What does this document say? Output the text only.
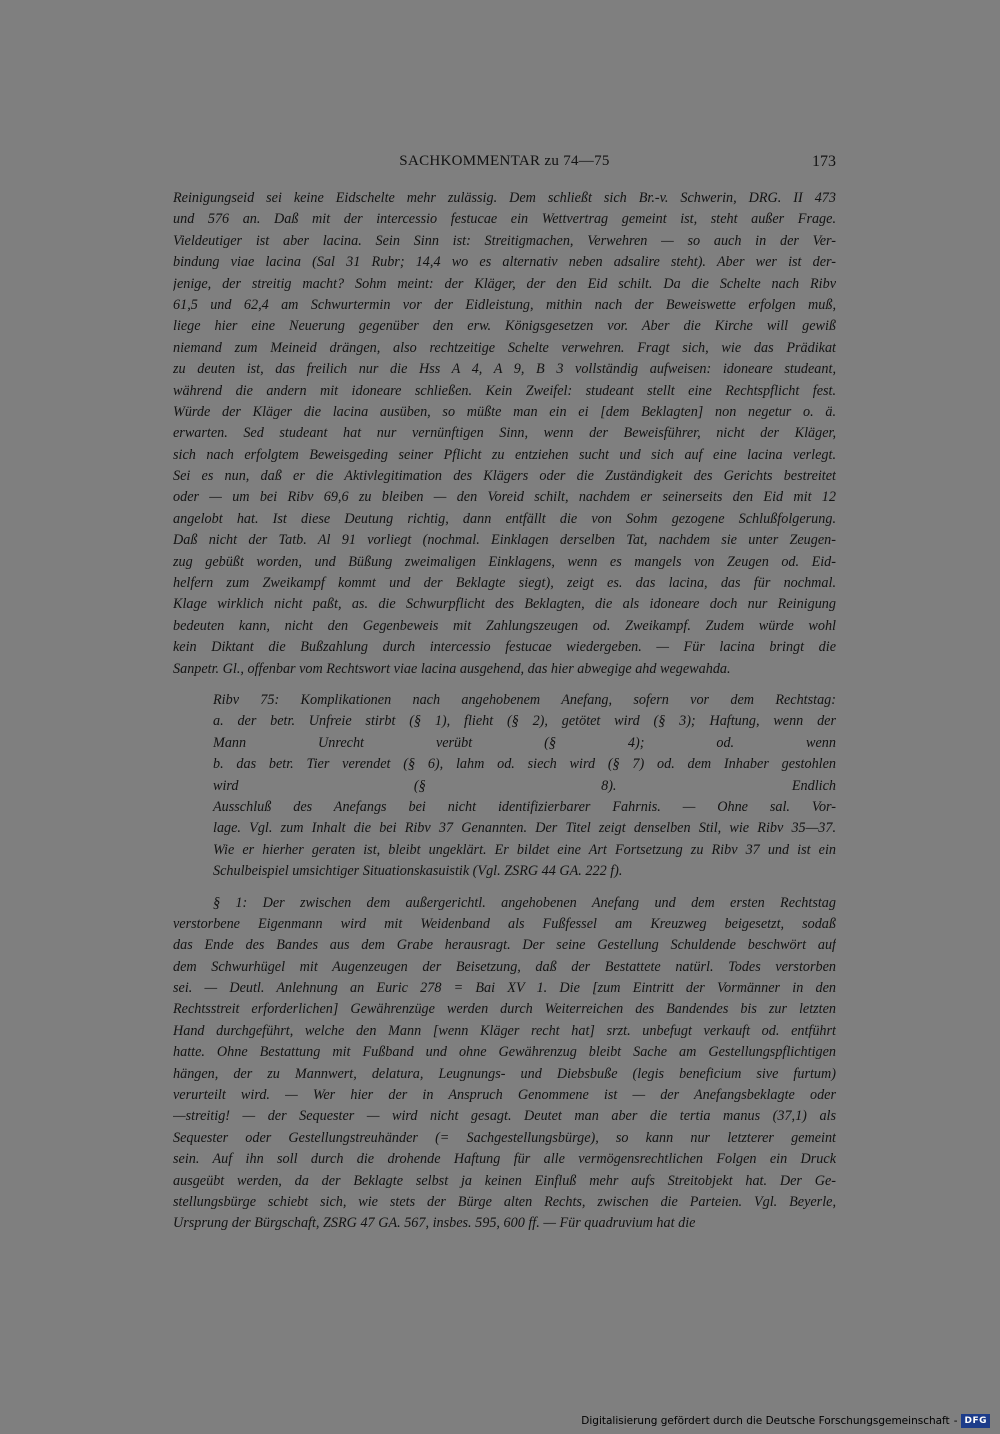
SACHKOMMENTAR zu 74—75	173
Reinigungseid sei keine Eidschelte mehr zulässig. Dem schließt sich Br.-v. Schwerin, DRG. II 473
und 576 an. Daß mit der intercessio festucae ein Wettvertrag gemeint ist, steht außer Frage.
Vieldeutiger ist aber lacina. Sein Sinn ist: Streitigmachen, Verwehren — so auch in der Ver-
bindung viae lacina (Sal 31 Rubr; 14,4 wo es alternativ neben adsalire steht). Aber wer ist der-
jenige, der streitig macht? Sohm meint: der Kläger, der den Eid schilt. Da die Schelte nach Ribv
61,5 und 62,4 am Schwurtermin vor der Eidleistung, mithin nach der Beweiswette erfolgen muß,
liege hier eine Neuerung gegenüber den erw. Königsgesetzen vor. Aber die Kirche will gewiß
niemand zum Meineid drängen, also rechtzeitige Schelte verwehren. Fragt sich, wie das Prädikat
zu deuten ist, das freilich nur die Hss A 4, A 9, B 3 vollständig aufweisen: idoneare studeant,
während die andern mit idoneare schließen. Kein Zweifel: studeant stellt eine Rechtspflicht fest.
Würde der Kläger die lacina ausüben, so müßte man ein ei [dem Beklagten] non negetur o. ä.
erwarten. Sed studeant hat nur vernünftigen Sinn, wenn der Beweisführer, nicht der Kläger,
sich nach erfolgtem Beweisgeding seiner Pflicht zu entziehen sucht und sich auf eine lacina verlegt.
Sei es nun, daß er die Aktivlegitimation des Klägers oder die Zuständigkeit des Gerichts bestreitet
oder — um bei Ribv 69,6 zu bleiben — den Voreid schilt, nachdem er seinerseits den Eid mit 12
angelobt hat. Ist diese Deutung richtig, dann entfällt die von Sohm gezogene Schlußfolgerung.
Daß nicht der Tatb. Al 91 vorliegt (nochmal. Einklagen derselben Tat, nachdem sie unter Zeugen-
zug gebüßt worden, und Büßung zweimaligen Einklagens, wenn es mangels von Zeugen od. Eid-
helfern zum Zweikampf kommt und der Beklagte siegt), zeigt es. das lacina, das für nochmal.
Klage wirklich nicht paßt, as. die Schwurpflicht des Beklagten, die als idoneare doch nur Reinigung
bedeuten kann, nicht den Gegenbeweis mit Zahlungszeugen od. Zweikampf. Zudem würde wohl
kein Diktant die Bußzahlung durch intercessio festucae wiedergeben. — Für lacina bringt die
Sanpetr. Gl., offenbar vom Rechtswort viae lacina ausgehend, das hier abwegige ahd wegewahda.
Ribv 75: Komplikationen nach angehobenem Anefang, sofern vor dem Rechtstag:
a. der betr. Unfreie stirbt (§ 1), flieht (§ 2), getötet wird (§ 3); Haftung, wenn der
Mann Unrecht verübt (§ 4); od. wenn
b. das betr. Tier verendet (§ 6), lahm od. siech wird (§ 7) od. dem Inhaber gestohlen
wird (§ 8). Endlich
Ausschluß des Anefangs bei nicht identifizierbarer Fahrnis. — Ohne sal. Vor-
lage. Vgl. zum Inhalt die bei Ribv 37 Genannten. Der Titel zeigt denselben Stil, wie Ribv 35—37.
Wie er hierher geraten ist, bleibt ungeklärt. Er bildet eine Art Fortsetzung zu Ribv 37 und ist ein
Schulbeispiel umsichtiger Situationskasuistik (Vgl. ZSRG 44 GA. 222 f).
§ 1: Der zwischen dem außergerichtl. angehobenen Anefang und dem ersten Rechtstag
verstorbene Eigenmann wird mit Weidenband als Fußfessel am Kreuzweg beigesetzt, sodaß
das Ende des Bandes aus dem Grabe herausragt. Der seine Gestellung Schuldende beschwört auf
dem Schwurhügel mit Augenzeugen der Beisetzung, daß der Bestattete natürl. Todes verstorben
sei. — Deutl. Anlehnung an Euric 278 = Bai XV 1. Die [zum Eintritt der Vormänner in den
Rechtsstreit erforderlichen] Gewährenzüge werden durch Weiterreichen des Bandendes bis zur letzten
Hand durchgeführt, welche den Mann [wenn Kläger recht hat] srzt. unbefugt verkauft od. entführt
hatte. Ohne Bestattung mit Fußband und ohne Gewährenzug bleibt Sache am Gestellungspflichtigen
hängen, der zu Mannwert, delatura, Leugnungs- und Diebsbuße (legis beneficium sive furtum)
verurteilt wird. — Wer hier der in Anspruch Genommene ist — der Anefangsbeklagte oder
—streitig! — der Sequester — wird nicht gesagt. Deutet man aber die tertia manus (37,1) als
Sequester oder Gestellungstreuhänder (= Sachgestellungsbürge), so kann nur letzterer gemeint
sein. Auf ihn soll durch die drohende Haftung für alle vermögensrechtlichen Folgen ein Druck
ausgeübt werden, da der Beklagte selbst ja keinen Einfluß mehr aufs Streitobjekt hat. Der Ge-
stellungsbürge schiebt sich, wie stets der Bürge alten Rechts, zwischen die Parteien. Vgl. Beyerle,
Ursprung der Bürgschaft, ZSRG 47 GA. 567, insbes. 595, 600 ff. — Für quadruvium hat die
Digitalisierung gefördert durch die Deutsche Forschungsgemeinschaft - DFG
